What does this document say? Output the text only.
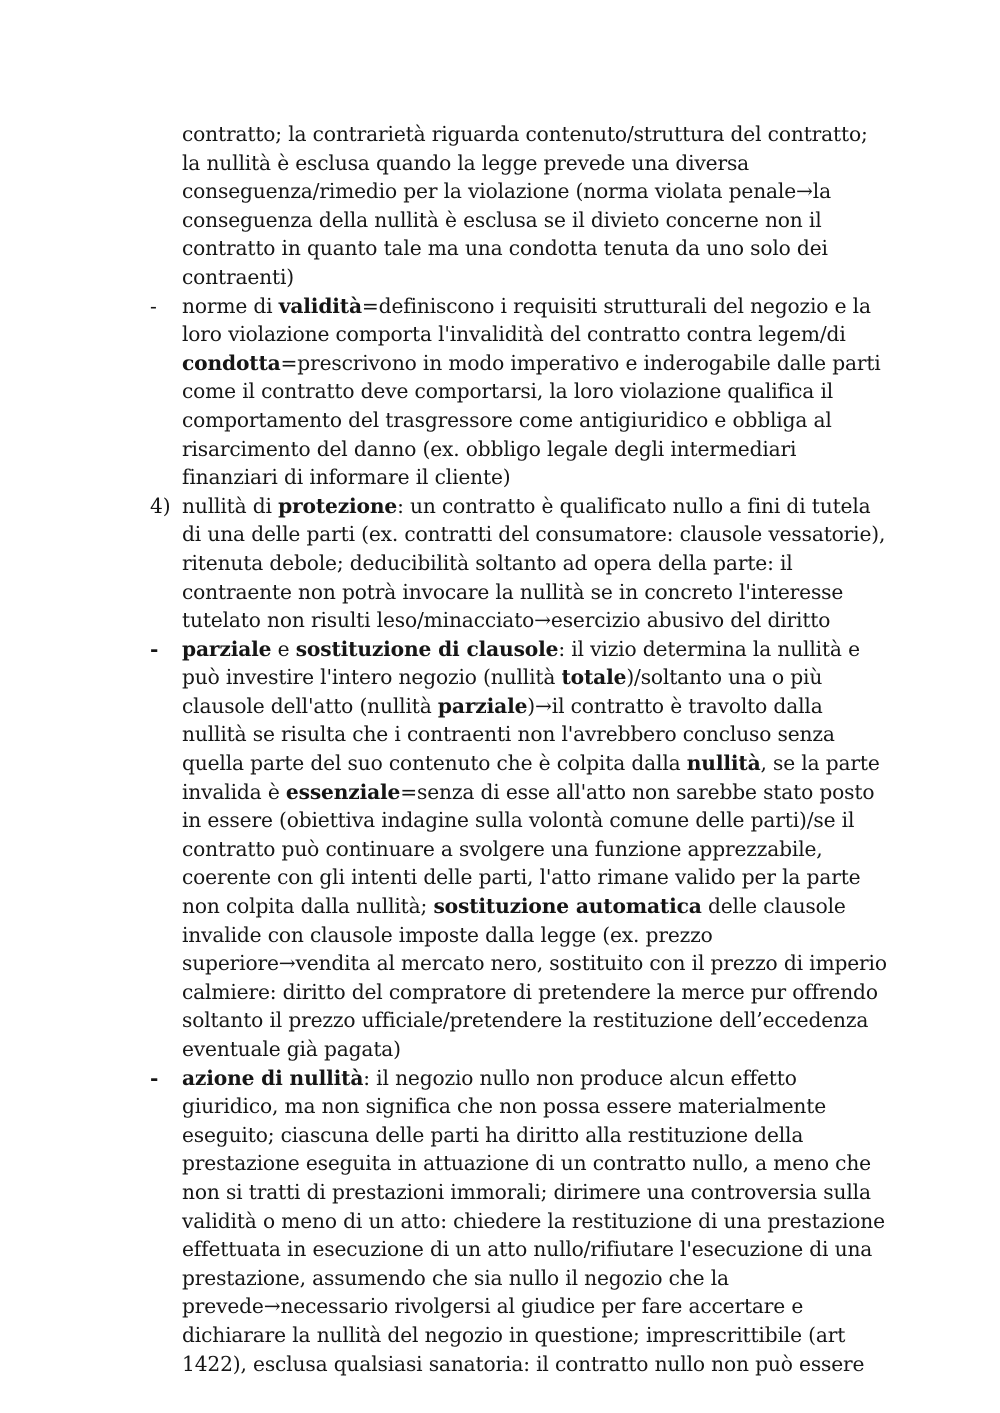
contratto; la contrarietà riguarda contenuto/struttura del contratto; la nullità è esclusa quando la legge prevede una diversa conseguenza/rimedio per la violazione (norma violata penale→la conseguenza della nullità è esclusa se il divieto concerne non il contratto in quanto tale ma una condotta tenuta da uno solo dei contraenti)
-	norme di validità=definiscono i requisiti strutturali del negozio e la loro violazione comporta l'invalidità del contratto contra legem/di condotta=prescrivono in modo imperativo e inderogabile dalle parti come il contratto deve comportarsi, la loro violazione qualifica il comportamento del trasgressore come antigiuridico e obbliga al risarcimento del danno (ex. obbligo legale degli intermediari finanziari di informare il cliente)
4) nullità di protezione: un contratto è qualificato nullo a fini di tutela di una delle parti (ex. contratti del consumatore: clausole vessatorie), ritenuta debole; deducibilità soltanto ad opera della parte: il contraente non potrà invocare la nullità se in concreto l'interesse tutelato non risulti leso/minacciato→esercizio abusivo del diritto
-	parziale e sostituzione di clausole: il vizio determina la nullità e può investire l'intero negozio (nullità totale)/soltanto una o più clausole dell'atto (nullità parziale)→il contratto è travolto dalla nullità se risulta che i contraenti non l'avrebbero concluso senza quella parte del suo contenuto che è colpita dalla nullità, se la parte invalida è essenziale=senza di esse all'atto non sarebbe stato posto in essere (obiettiva indagine sulla volontà comune delle parti)/se il contratto può continuare a svolgere una funzione apprezzabile, coerente con gli intenti delle parti, l'atto rimane valido per la parte non colpita dalla nullità; sostituzione automatica delle clausole invalide con clausole imposte dalla legge (ex. prezzo superiore→vendita al mercato nero, sostituito con il prezzo di imperio calmiere: diritto del compratore di pretendere la merce pur offrendo soltanto il prezzo ufficiale/pretendere la restituzione dell’eccedenza eventuale già pagata)
-	azione di nullità: il negozio nullo non produce alcun effetto giuridico, ma non significa che non possa essere materialmente eseguito; ciascuna delle parti ha diritto alla restituzione della prestazione eseguita in attuazione di un contratto nullo, a meno che non si tratti di prestazioni immorali; dirimere una controversia sulla validità o meno di un atto: chiedere la restituzione di una prestazione effettuata in esecuzione di un atto nullo/rifiutare l'esecuzione di una prestazione, assumendo che sia nullo il negozio che la prevede→necessario rivolgersi al giudice per fare accertare e dichiarare la nullità del negozio in questione; imprescrittibile (art 1422), esclusa qualsiasi sanatoria: il contratto nullo non può essere
